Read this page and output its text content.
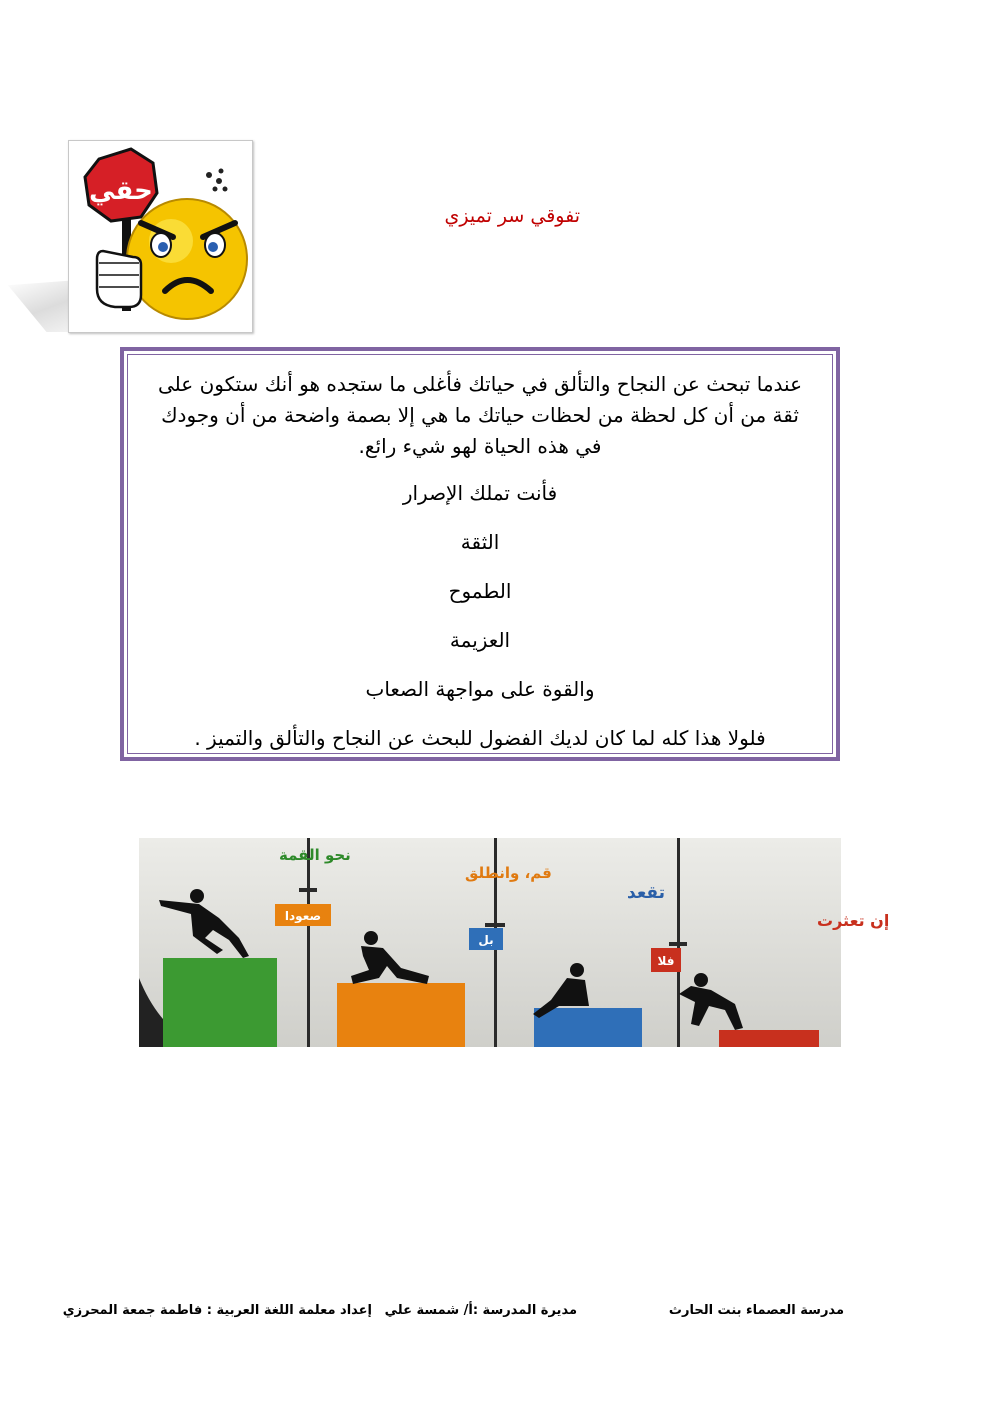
حقي
تفوقي سر تميزي

عندما تبحث عن النجاح والتألق في حياتك فأغلى ما ستجده هو أنك ستكون على ثقة من أن كل لحظة من لحظات حياتك ما هي إلا بصمة واضحة من أن وجودك في هذه الحياة لهو شيء رائع.

فأنت تملك الإصرار

الثقة

الطموح

العزيمة

والقوة على مواجهة الصعاب

فلولا هذا كله لما كان لديك الفضول للبحث عن النجاح والتألق والتميز .

نحو القمة
قم، وانطلق
تقعد
إن تعثرت
صعودا
بل
فلا
مدرسة العصماء بنت الحارث
مديرة المدرسة :أ/ شمسة علي
إعداد معلمة اللغة العربية : فاطمة جمعة المحرزي
